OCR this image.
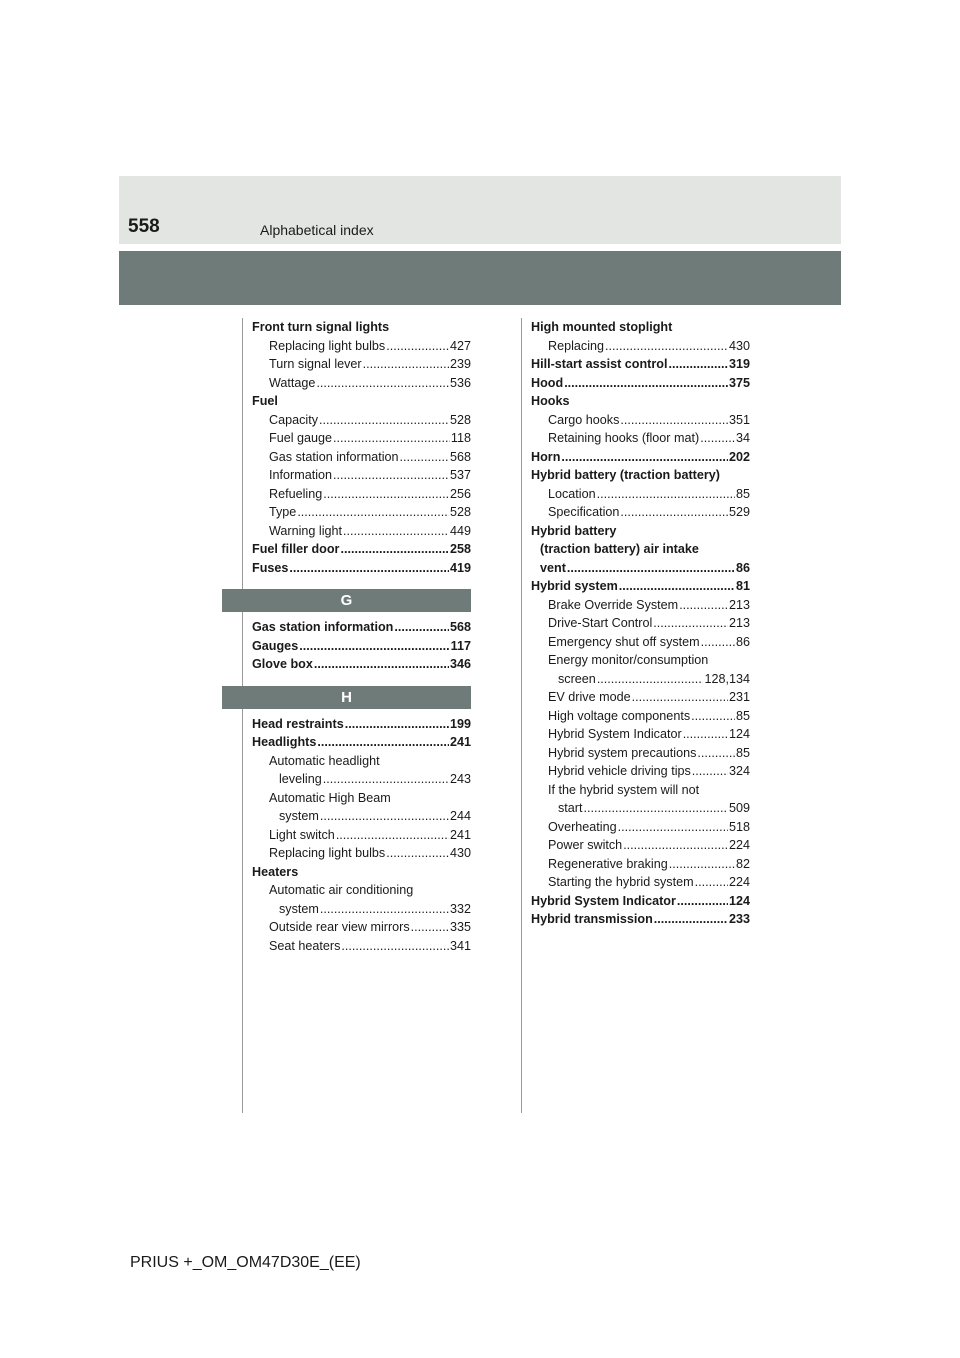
558	Alphabetical index
Front turn signal lights
Replacing light bulbs .....	427
Turn signal lever .....	239
Wattage .....	536
Fuel
Capacity .....	528
Fuel gauge .....	118
Gas station information .....	568
Information .....	537
Refueling .....	256
Type .....	528
Warning light .....	449
Fuel filler door .....	258
Fuses .....	419
G
Gas station information .....	568
Gauges .....	117
Glove box .....	346
H
Head restraints .....	199
Headlights .....	241
Automatic headlight
leveling .....	243
Automatic High Beam
system .....	244
Light switch .....	241
Replacing light bulbs .....	430
Heaters
Automatic air conditioning
system .....	332
Outside rear view mirrors .....	335
Seat heaters .....	341
High mounted stoplight
Replacing .....	430
Hill-start assist control .....	319
Hood .....	375
Hooks
Cargo hooks .....	351
Retaining hooks (floor mat) .....	34
Horn .....	202
Hybrid battery (traction battery)
Location .....	85
Specification .....	529
Hybrid battery
(traction battery) air intake
vent .....	86
Hybrid system .....	81
Brake Override System .....	213
Drive-Start Control .....	213
Emergency shut off system .....	86
Energy monitor/consumption
screen .....	128,134
EV drive mode .....	231
High voltage components .....	85
Hybrid System Indicator .....	124
Hybrid system precautions .....	85
Hybrid vehicle driving tips .....	324
If the hybrid system will not
start .....	509
Overheating .....	518
Power switch .....	224
Regenerative braking .....	82
Starting the hybrid system .....	224
Hybrid System Indicator .....	124
Hybrid transmission .....	233
PRIUS +_OM_OM47D30E_(EE)
